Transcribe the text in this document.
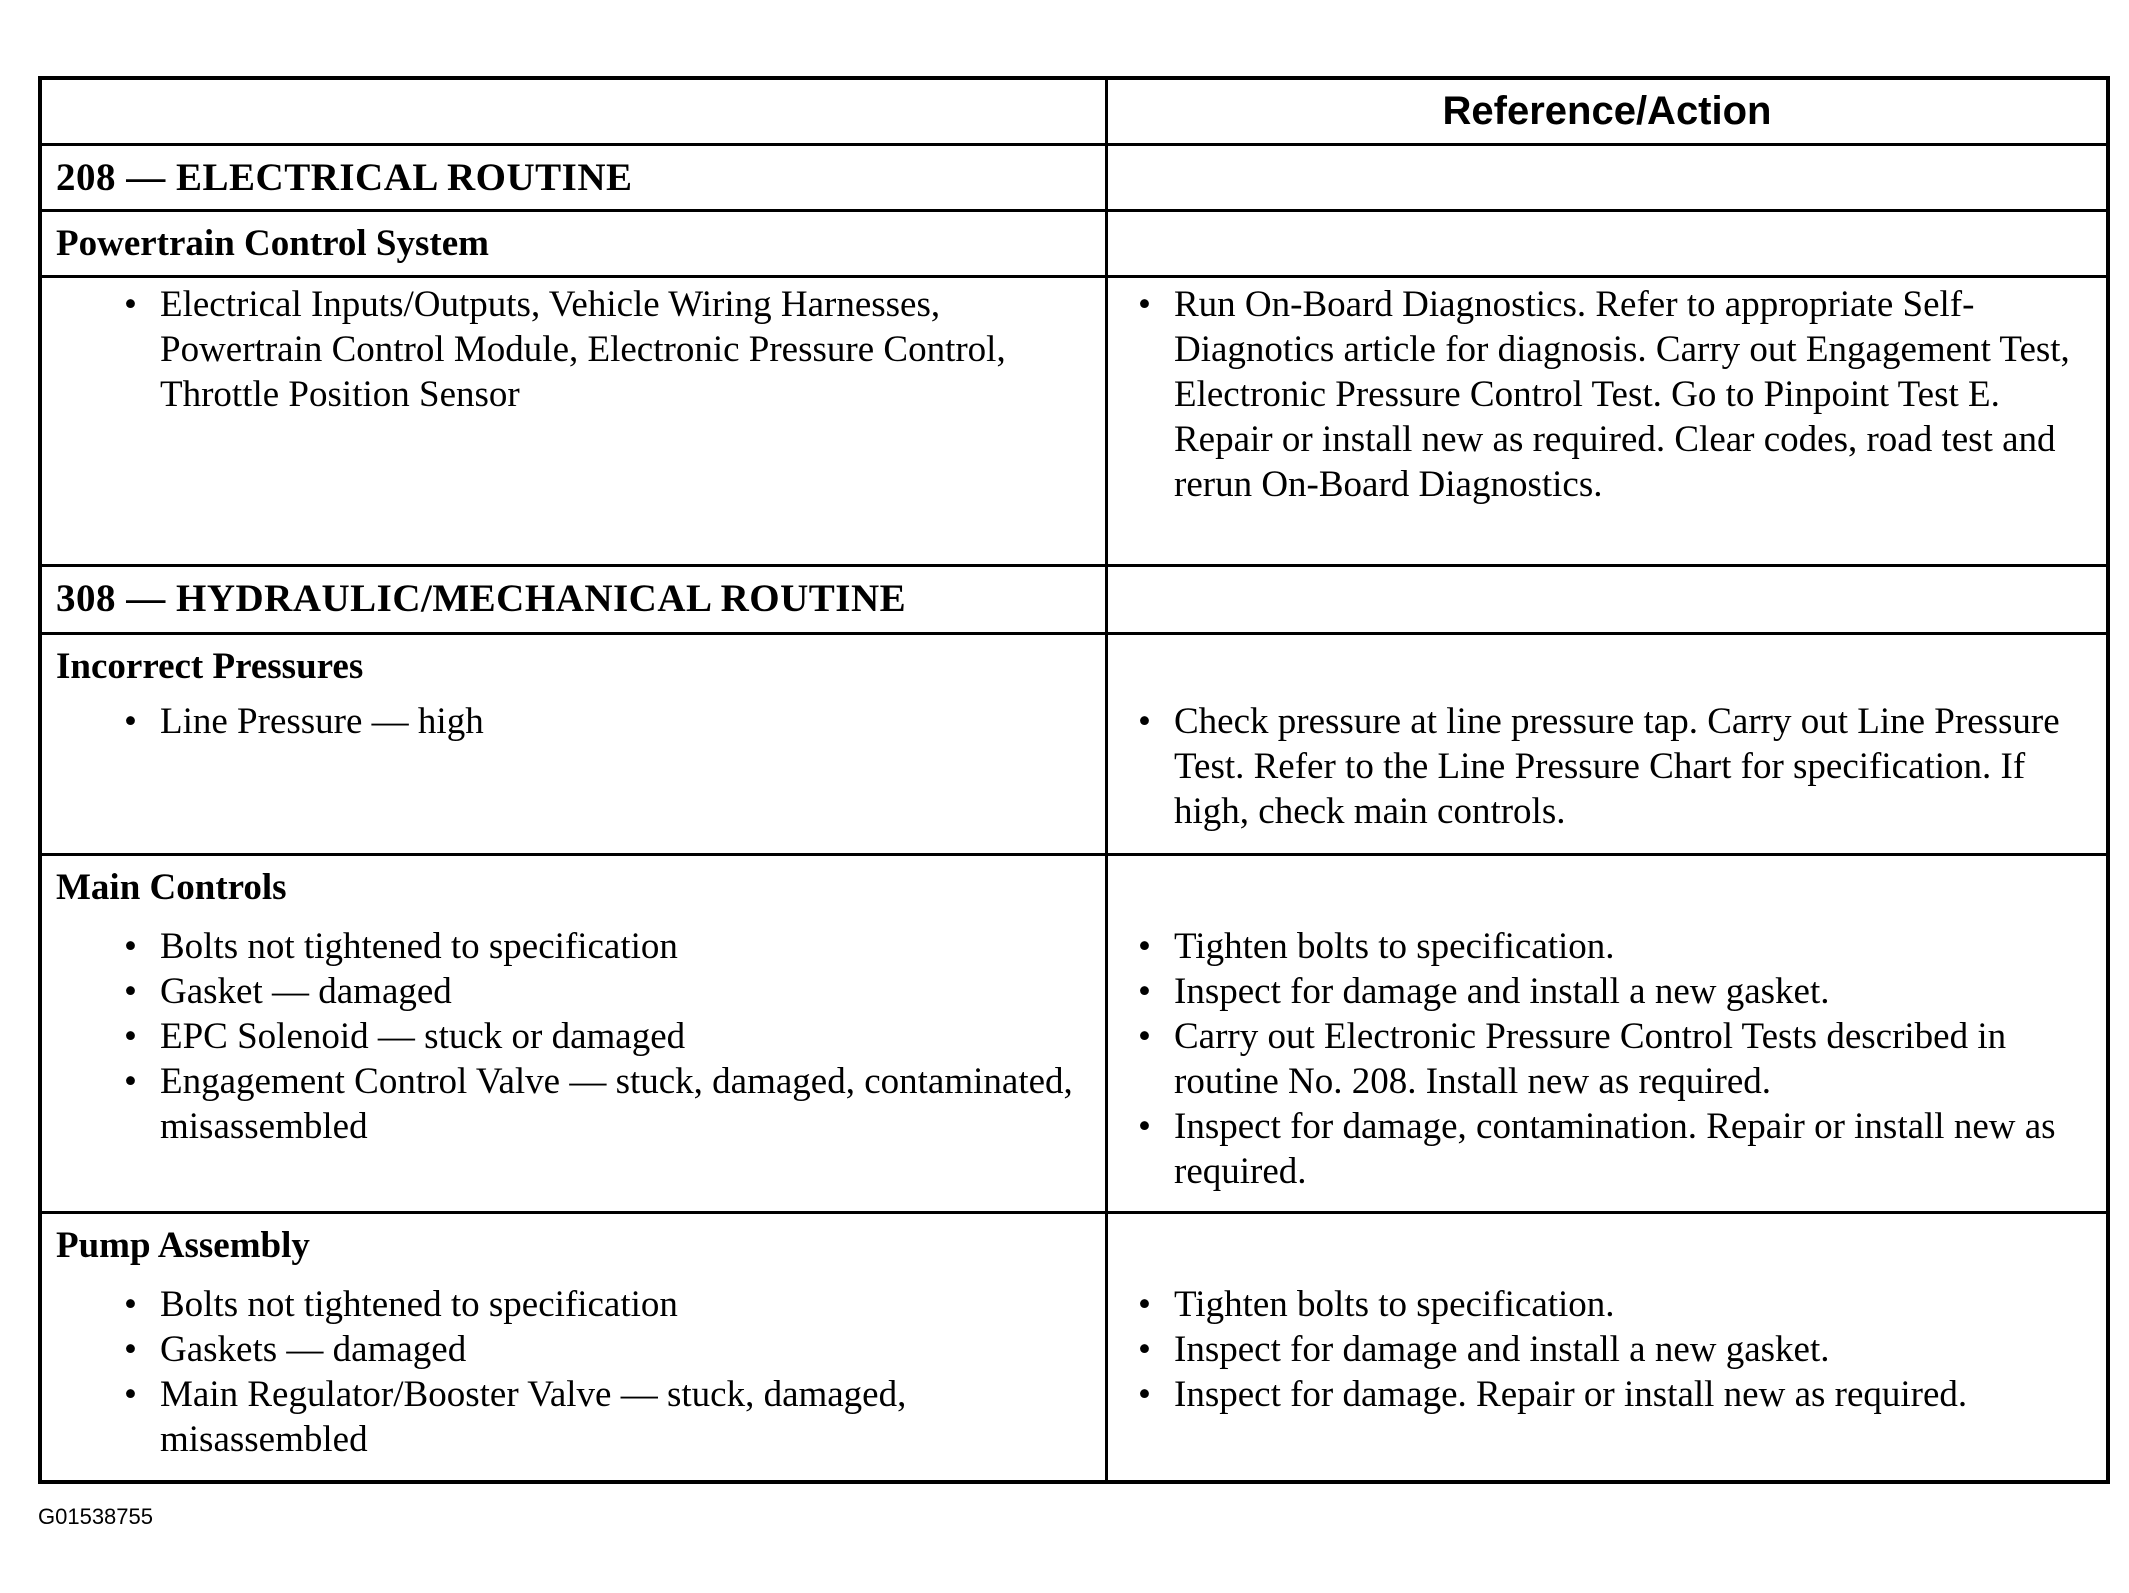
Reference/Action
208 — ELECTRICAL ROUTINE
Powertrain Control System
• Electrical Inputs/Outputs, Vehicle Wiring Harnesses, Powertrain Control Module, Electronic Pressure Control, Throttle Position Sensor
• Run On-Board Diagnostics. Refer to appropriate Self-Diagnotics article for diagnosis. Carry out Engagement Test, Electronic Pressure Control Test. Go to Pinpoint Test E. Repair or install new as required. Clear codes, road test and rerun On-Board Diagnostics.
308 — HYDRAULIC/MECHANICAL ROUTINE
Incorrect Pressures
• Line Pressure — high
•	Check pressure at line pressure tap. Carry out Line Pressure Test. Refer to the Line Pressure Chart for specification. If high, check main controls.
Main Controls
• Bolts not tightened to specification
• Gasket — damaged
• EPC Solenoid — stuck or damaged
• Engagement Control Valve — stuck, damaged, contaminated, misassembled
• Tighten bolts to specification.
• Inspect for damage and install a new gasket.
• Carry out Electronic Pressure Control Tests described in routine No. 208. Install new as required.
• Inspect for damage, contamination. Repair or install new as required.
Pump Assembly
• Bolts not tightened to specification
• Gaskets — damaged
• Main Regulator/Booster Valve — stuck, damaged, misassembled
• Tighten bolts to specification.
• Inspect for damage and install a new gasket.
• Inspect for damage. Repair or install new as required.
G01538755
